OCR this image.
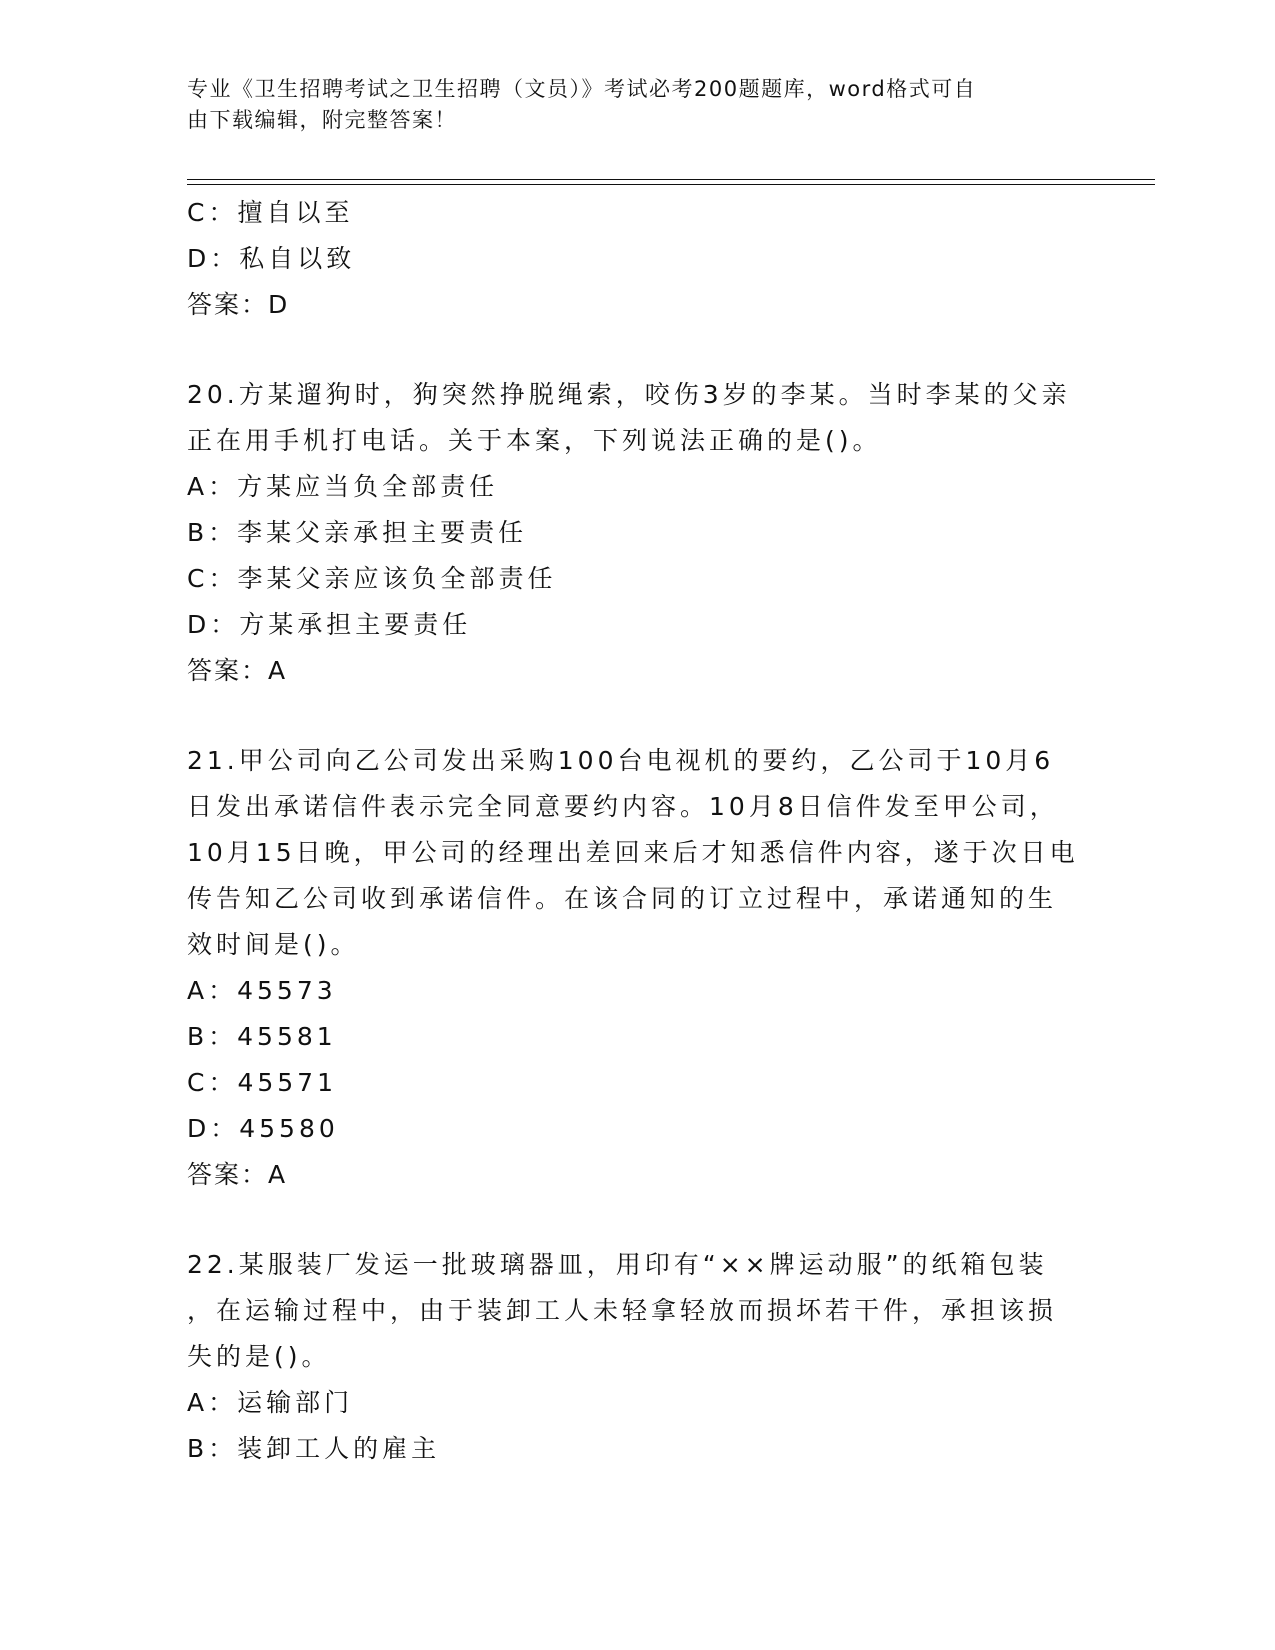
专业《卫生招聘考试之卫生招聘（文员）》考试必考200题题库，word格式可自
由下载编辑，附完整答案！
C：擅自以至
D：私自以致
答案：D
20.方某遛狗时，狗突然挣脱绳索，咬伤3岁的李某。当时李某的父亲
正在用手机打电话。关于本案，下列说法正确的是()。
A：方某应当负全部责任
B：李某父亲承担主要责任
C：李某父亲应该负全部责任
D：方某承担主要责任
答案：A
21.甲公司向乙公司发出采购100台电视机的要约，乙公司于10月6
日发出承诺信件表示完全同意要约内容。10月8日信件发至甲公司，
10月15日晚，甲公司的经理出差回来后才知悉信件内容，遂于次日电
传告知乙公司收到承诺信件。在该合同的订立过程中，承诺通知的生
效时间是()。
A：45573
B：45581
C：45571
D：45580
答案：A
22.某服装厂发运一批玻璃器皿，用印有“××牌运动服”的纸箱包装
，在运输过程中，由于装卸工人未轻拿轻放而损坏若干件，承担该损
失的是()。
A：运输部门
B：装卸工人的雇主
